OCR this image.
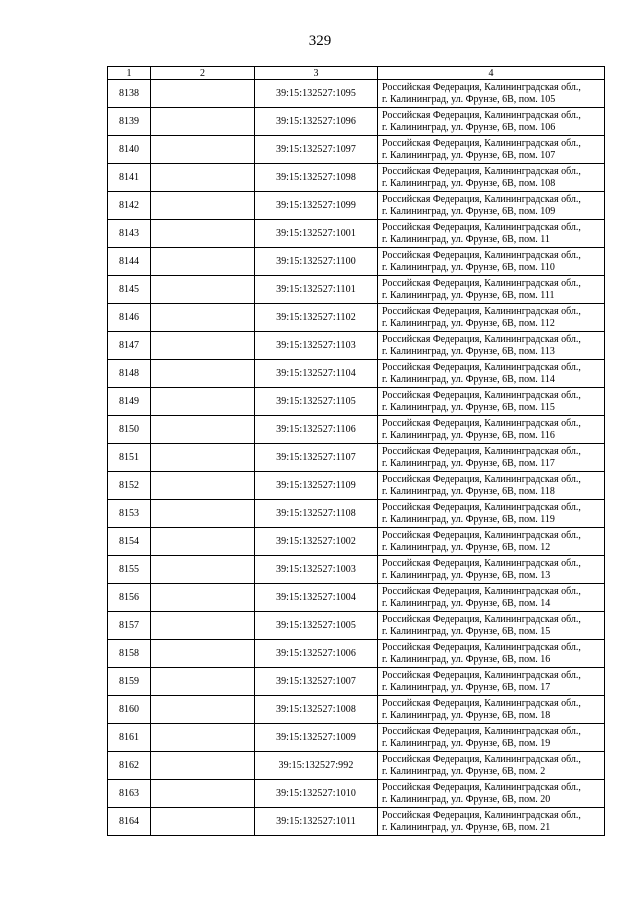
329
1	2	3	4
8138		39:15:132527:1095	Российская Федерация, Калининградская обл.,
г. Калининград, ул. Фрунзе, 6В, пом. 105

8139		39:15:132527:1096	Российская Федерация, Калининградская обл.,
г. Калининград, ул. Фрунзе, 6В, пом. 106

8140		39:15:132527:1097	Российская Федерация, Калининградская обл.,
г. Калининград, ул. Фрунзе, 6В, пом. 107

8141		39:15:132527:1098	Российская Федерация, Калининградская обл.,
г. Калининград, ул. Фрунзе, 6В, пом. 108

8142		39:15:132527:1099	Российская Федерация, Калининградская обл.,
г. Калининград, ул. Фрунзе, 6В, пом. 109

8143		39:15:132527:1001	Российская Федерация, Калининградская обл.,
г. Калининград, ул. Фрунзе, 6В, пом. 11

8144		39:15:132527:1100	Российская Федерация, Калининградская обл.,
г. Калининград, ул. Фрунзе, 6В, пом. 110

8145		39:15:132527:1101	Российская Федерация, Калининградская обл.,
г. Калининград, ул. Фрунзе, 6В, пом. 111

8146		39:15:132527:1102	Российская Федерация, Калининградская обл.,
г. Калининград, ул. Фрунзе, 6В, пом. 112

8147		39:15:132527:1103	Российская Федерация, Калининградская обл.,
г. Калининград, ул. Фрунзе, 6В, пом. 113

8148		39:15:132527:1104	Российская Федерация, Калининградская обл.,
г. Калининград, ул. Фрунзе, 6В, пом. 114

8149		39:15:132527:1105	Российская Федерация, Калининградская обл.,
г. Калининград, ул. Фрунзе, 6В, пом. 115

8150		39:15:132527:1106	Российская Федерация, Калининградская обл.,
г. Калининград, ул. Фрунзе, 6В, пом. 116

8151		39:15:132527:1107	Российская Федерация, Калининградская обл.,
г. Калининград, ул. Фрунзе, 6В, пом. 117

8152		39:15:132527:1109	Российская Федерация, Калининградская обл.,
г. Калининград, ул. Фрунзе, 6В, пом. 118

8153		39:15:132527:1108	Российская Федерация, Калининградская обл.,
г. Калининград, ул. Фрунзе, 6В, пом. 119

8154		39:15:132527:1002	Российская Федерация, Калининградская обл.,
г. Калининград, ул. Фрунзе, 6В, пом. 12

8155		39:15:132527:1003	Российская Федерация, Калининградская обл.,
г. Калининград, ул. Фрунзе, 6В, пом. 13

8156		39:15:132527:1004	Российская Федерация, Калининградская обл.,
г. Калининград, ул. Фрунзе, 6В, пом. 14

8157		39:15:132527:1005	Российская Федерация, Калининградская обл.,
г. Калининград, ул. Фрунзе, 6В, пом. 15

8158		39:15:132527:1006	Российская Федерация, Калининградская обл.,
г. Калининград, ул. Фрунзе, 6В, пом. 16

8159		39:15:132527:1007	Российская Федерация, Калининградская обл.,
г. Калининград, ул. Фрунзе, 6В, пом. 17

8160		39:15:132527:1008	Российская Федерация, Калининградская обл.,
г. Калининград, ул. Фрунзе, 6В, пом. 18

8161		39:15:132527:1009	Российская Федерация, Калининградская обл.,
г. Калининград, ул. Фрунзе, 6В, пом. 19

8162		39:15:132527:992	Российская Федерация, Калининградская обл.,
г. Калининград, ул. Фрунзе, 6В, пом. 2

8163		39:15:132527:1010	Российская Федерация, Калининградская обл.,
г. Калининград, ул. Фрунзе, 6В, пом. 20

8164		39:15:132527:1011	Российская Федерация, Калининградская обл.,
г. Калининград, ул. Фрунзе, 6В, пом. 21
